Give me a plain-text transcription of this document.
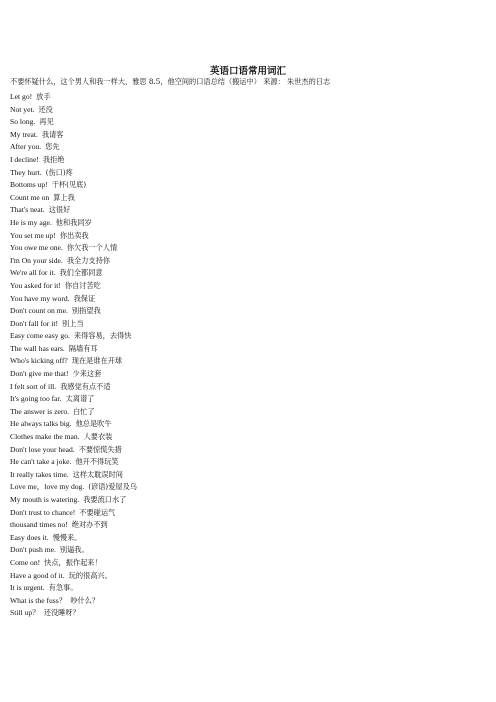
英语口语常用词汇
不要怀疑什么，这个男人和我一样大，雅思 8.5，他空间的口语总结（搬运中） 来源： 朱世杰的日志
Let go! 放手
Not yet. 还没
So long. 再见
My treat. 我请客
After you. 您先
I decline! 我拒绝
They hurt. (伤口)疼
Bottoms up! 干杯(见底)
Count me on 算上我
That's neat. 这很好
He is my age. 他和我同岁
You set me up! 你出卖我
You owe me one. 你欠我一个人情
I'm On your side. 我全力支持你
We're all for it. 我们全都同意
You asked for it! 你自讨苦吃
You have my word. 我保证
Don't count on me. 别指望我
Don't fall for it! 别上当
Easy come easy go. 来得容易，去得快
The wall has ears. 隔墙有耳
Who's kicking off? 现在是谁在开球
Don't give me that! 少来这套
I felt sort of ill. 我感觉有点不适
It's going too far. 太离谱了
The answer is zero. 白忙了
He always talks big. 他总是吹牛
Clothes make the man. 人要衣装
Don't lose your head. 不要惊慌失措
He can't take a joke. 他开不得玩笑
It really takes time. 这样太耽误时间
Love me，love my dog. (谚语)爱屋及乌
My mouth is watering. 我要流口水了
Don't trust to chance! 不要碰运气
thousand times no! 绝对办不到
Easy does it. 慢慢来。
Don't push me. 别逼我。
Come on! 快点，振作起来！
Have a good of it. 玩的很高兴。
It is urgent. 有急事。
What is the fuss？ 吵什么？
Still up？ 还没睡呀？
